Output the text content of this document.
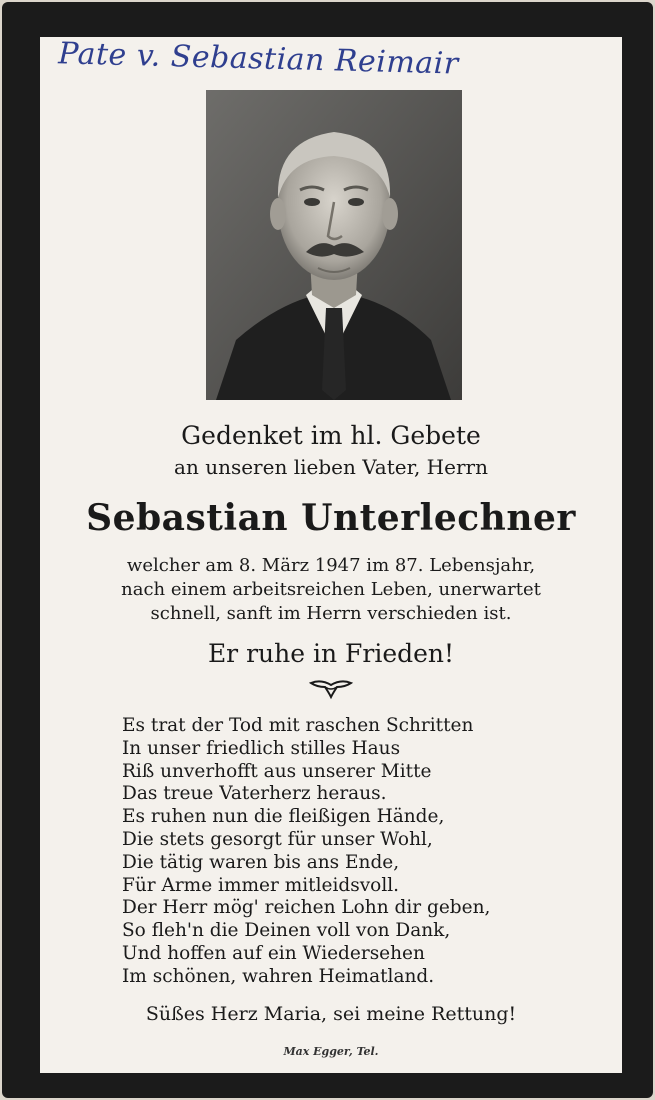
Pate v. Sebastian Reimair
Gedenket im hl. Gebete
an unseren lieben Vater, Herrn
Sebastian Unterlechner
welcher am 8. März 1947 im 87. Lebensjahr,
nach einem arbeitsreichen Leben, unerwartet
schnell, sanft im Herrn verschieden ist.
Er ruhe in Frieden!
Es trat der Tod mit raschen Schritten
In unser friedlich stilles Haus
Riß unverhofft aus unserer Mitte
Das treue Vaterherz heraus.
Es ruhen nun die fleißigen Hände,
Die stets gesorgt für unser Wohl,
Die tätig waren bis ans Ende,
Für Arme immer mitleidsvoll.
Der Herr mög' reichen Lohn dir geben,
So fleh'n die Deinen voll von Dank,
Und hoffen auf ein Wiedersehen
Im schönen, wahren Heimatland.
Süßes Herz Maria, sei meine Rettung!
Max Egger, Tel.
